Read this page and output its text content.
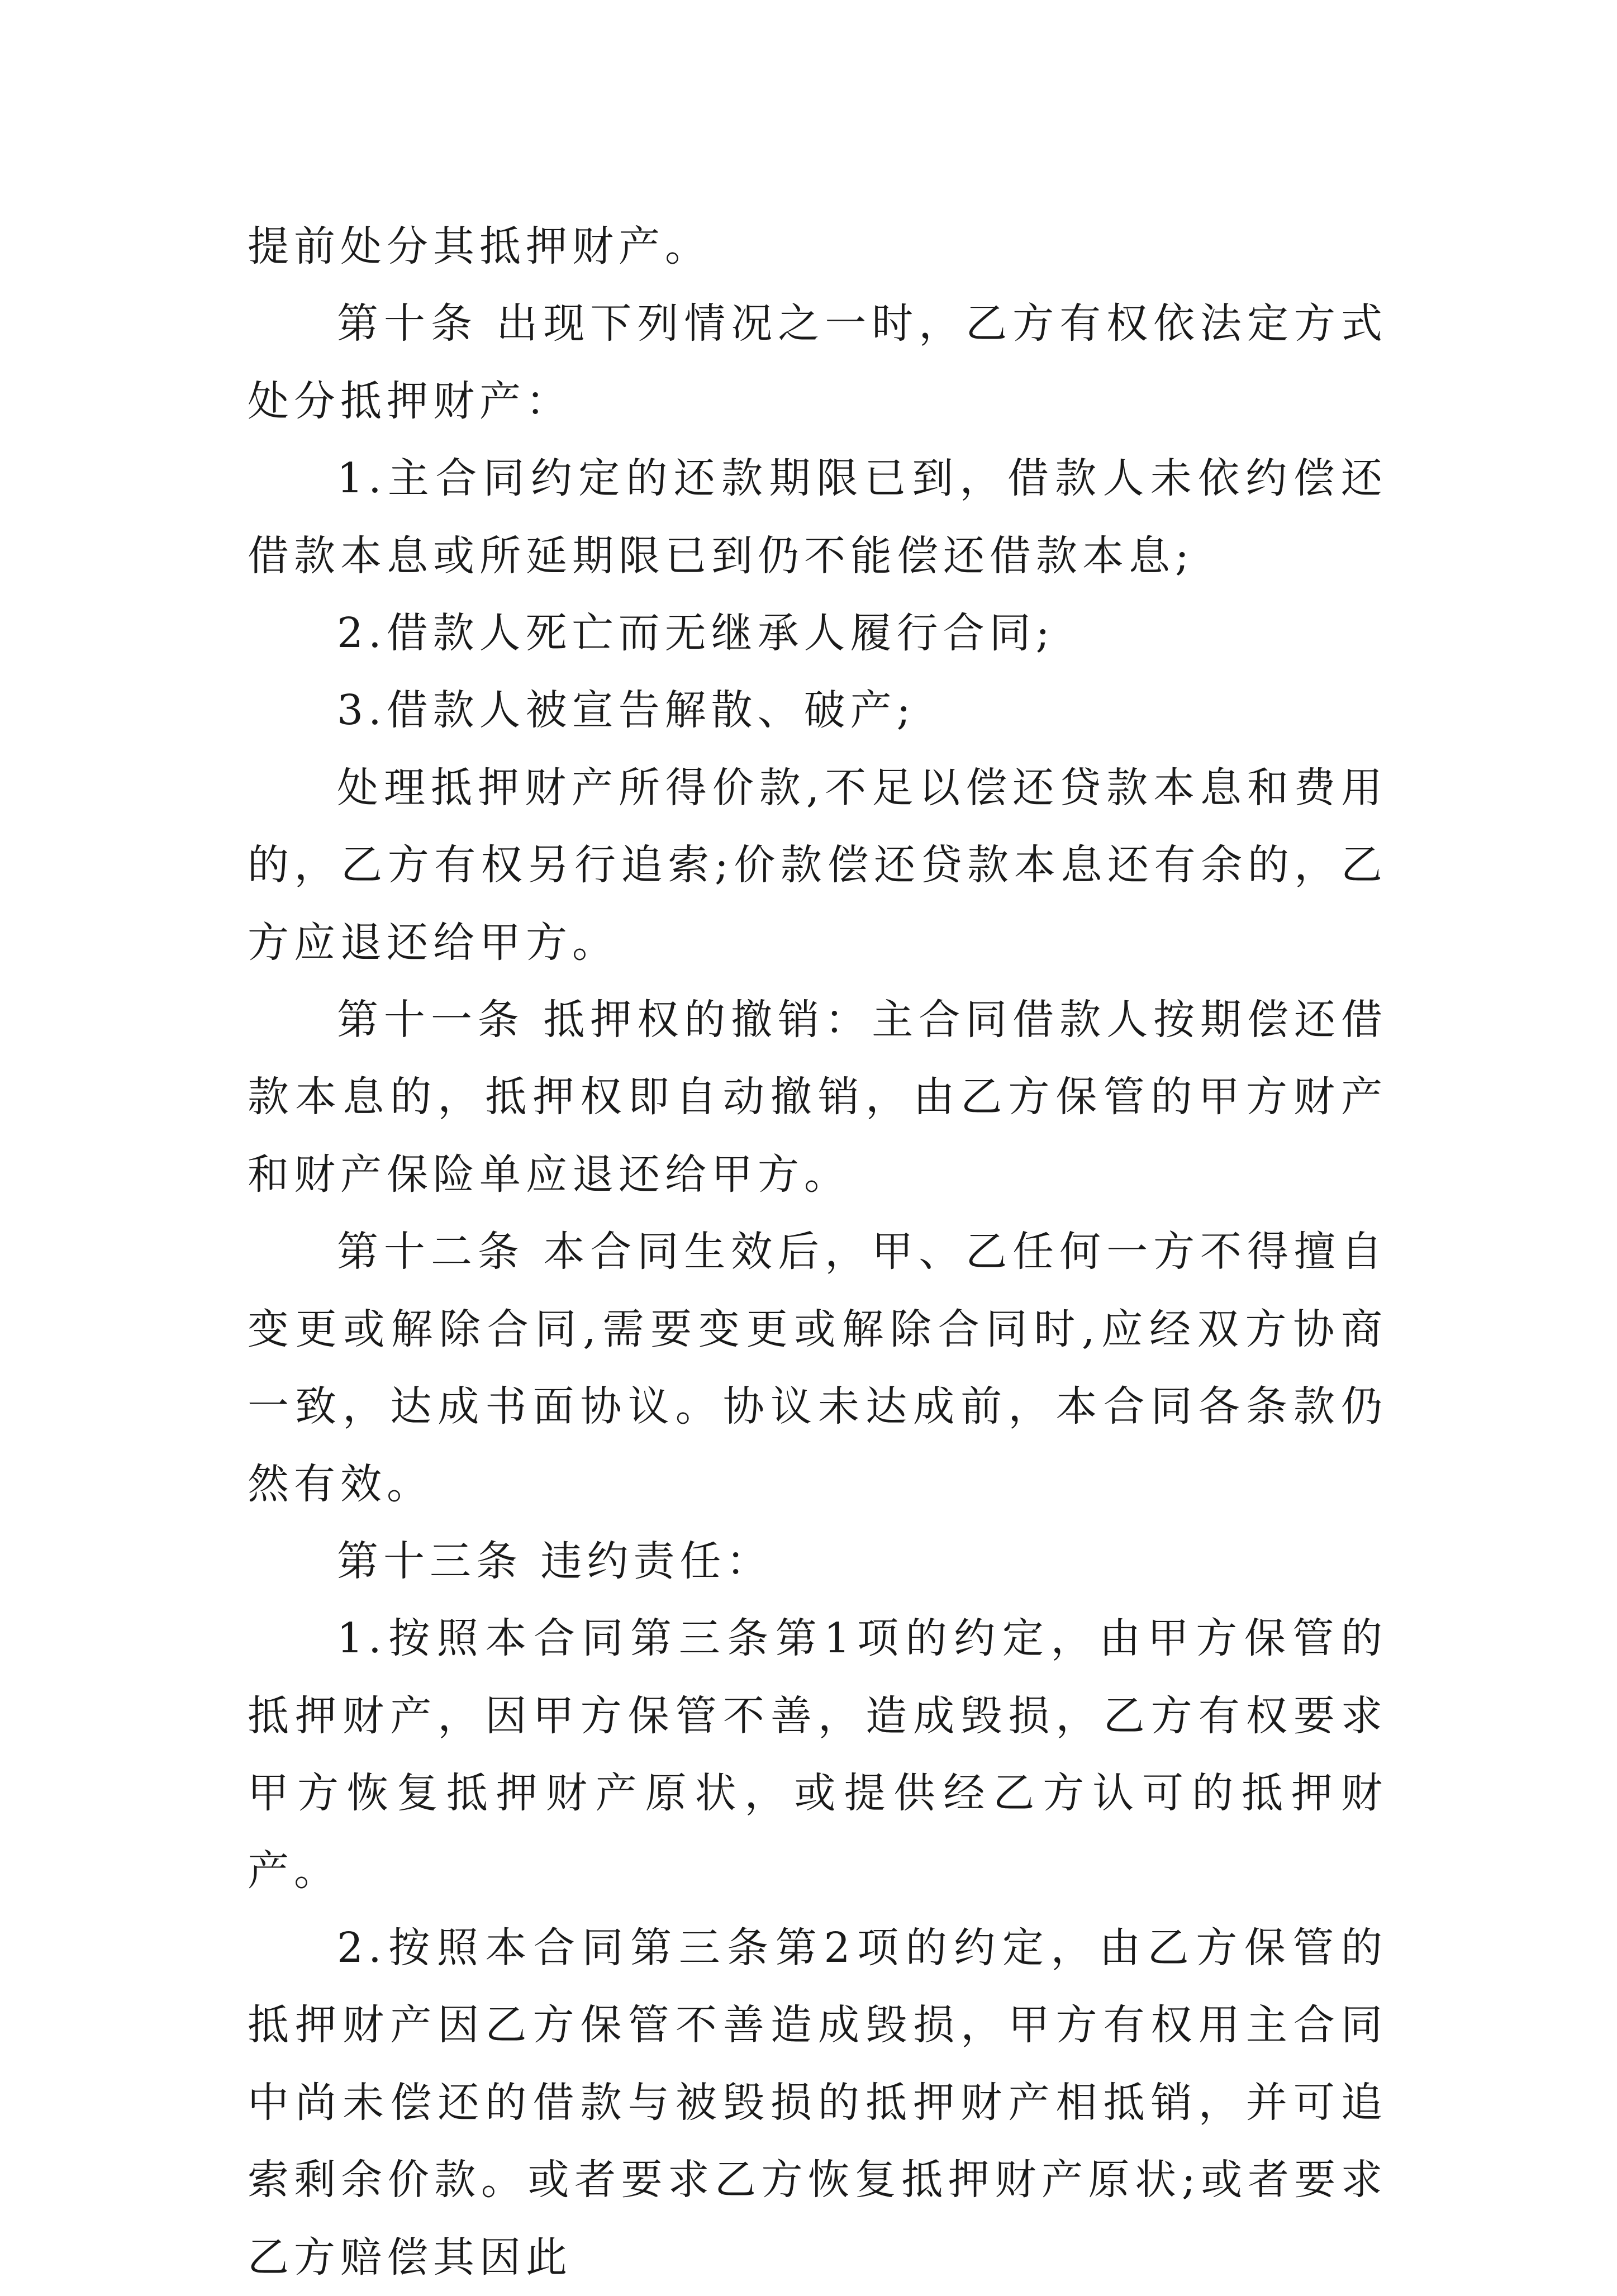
提前处分其抵押财产。

第十条 出现下列情况之一时，乙方有权依法定方式处分抵押财产：

1.主合同约定的还款期限已到，借款人未依约偿还借款本息或所延期限已到仍不能偿还借款本息;

2.借款人死亡而无继承人履行合同;

3.借款人被宣告解散、破产;

处理抵押财产所得价款,不足以偿还贷款本息和费用的，乙方有权另行追索;价款偿还贷款本息还有余的，乙方应退还给甲方。

第十一条 抵押权的撤销：主合同借款人按期偿还借款本息的，抵押权即自动撤销，由乙方保管的甲方财产和财产保险单应退还给甲方。

第十二条 本合同生效后，甲、乙任何一方不得擅自变更或解除合同,需要变更或解除合同时,应经双方协商一致，达成书面协议。协议未达成前，本合同各条款仍然有效。

第十三条 违约责任：

1.按照本合同第三条第1项的约定，由甲方保管的抵押财产，因甲方保管不善，造成毁损，乙方有权要求甲方恢复抵押财产原状，或提供经乙方认可的抵押财产。

2.按照本合同第三条第2项的约定，由乙方保管的抵押财产因乙方保管不善造成毁损，甲方有权用主合同中尚未偿还的借款与被毁损的抵押财产相抵销，并可追索剩余价款。或者要求乙方恢复抵押财产原状;或者要求乙方赔偿其因此
